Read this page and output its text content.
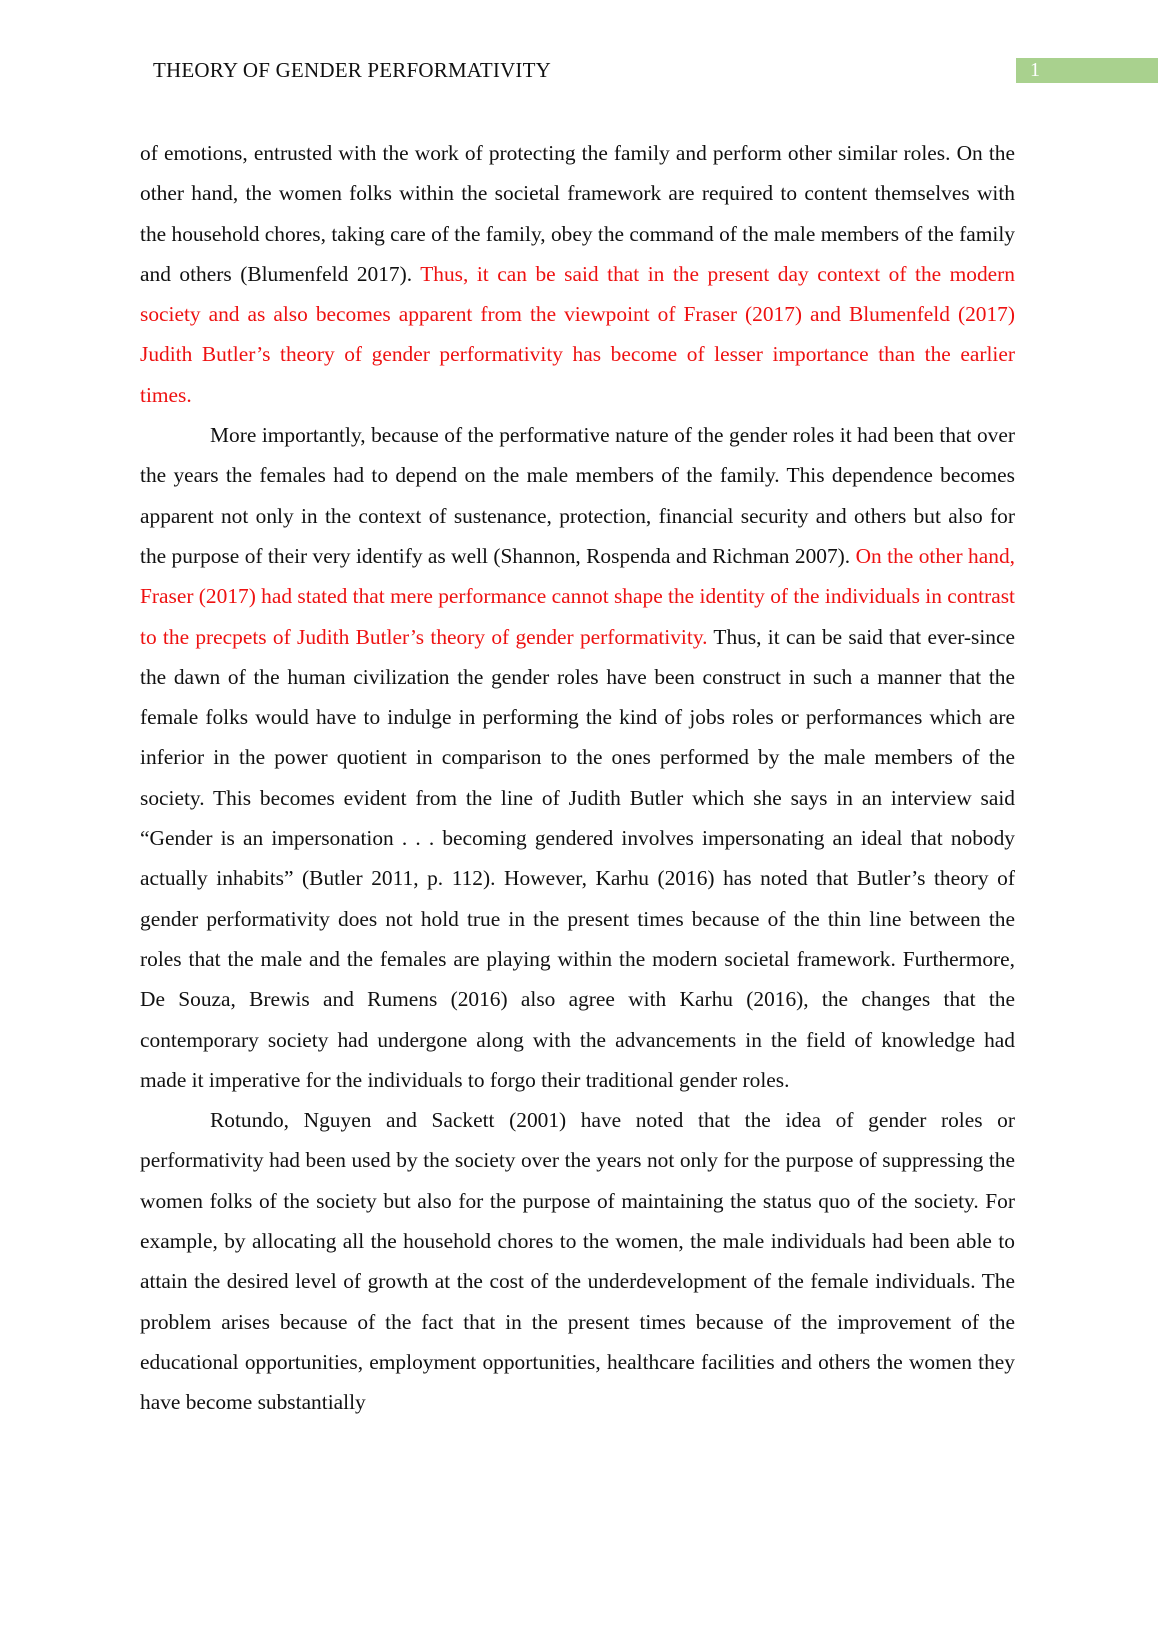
THEORY OF GENDER PERFORMATIVITY	1

of emotions, entrusted with the work of protecting the family and perform other similar roles. On the other hand, the women folks within the societal framework are required to content themselves with the household chores, taking care of the family, obey the command of the male members of the family and others (Blumenfeld 2017). Thus, it can be said that in the present day context of the modern society and as also becomes apparent from the viewpoint of Fraser (2017) and Blumenfeld (2017) Judith Butler’s theory of gender performativity has become of lesser importance than the earlier times.

More importantly, because of the performative nature of the gender roles it had been that over the years the females had to depend on the male members of the family. This dependence becomes apparent not only in the context of sustenance, protection, financial security and others but also for the purpose of their very identify as well (Shannon, Rospenda and Richman 2007). On the other hand, Fraser (2017) had stated that mere performance cannot shape the identity of the individuals in contrast to the precpets of Judith Butler’s theory of gender performativity. Thus, it can be said that ever-since the dawn of the human civilization the gender roles have been construct in such a manner that the female folks would have to indulge in performing the kind of jobs roles or performances which are inferior in the power quotient in comparison to the ones performed by the male members of the society. This becomes evident from the line of Judith Butler which she says in an interview said “Gender is an impersonation . . . becoming gendered involves impersonating an ideal that nobody actually inhabits” (Butler 2011, p. 112). However, Karhu (2016) has noted that Butler’s theory of gender performativity does not hold true in the present times because of the thin line between the roles that the male and the females are playing within the modern societal framework. Furthermore, De Souza, Brewis and Rumens (2016) also agree with Karhu (2016), the changes that the contemporary society had undergone along with the advancements in the field of knowledge had made it imperative for the individuals to forgo their traditional gender roles.

Rotundo, Nguyen and Sackett (2001) have noted that the idea of gender roles or performativity had been used by the society over the years not only for the purpose of suppressing the women folks of the society but also for the purpose of maintaining the status quo of the society. For example, by allocating all the household chores to the women, the male individuals had been able to attain the desired level of growth at the cost of the underdevelopment of the female individuals. The problem arises because of the fact that in the present times because of the improvement of the educational opportunities, employment opportunities, healthcare facilities and others the women they have become substantially
